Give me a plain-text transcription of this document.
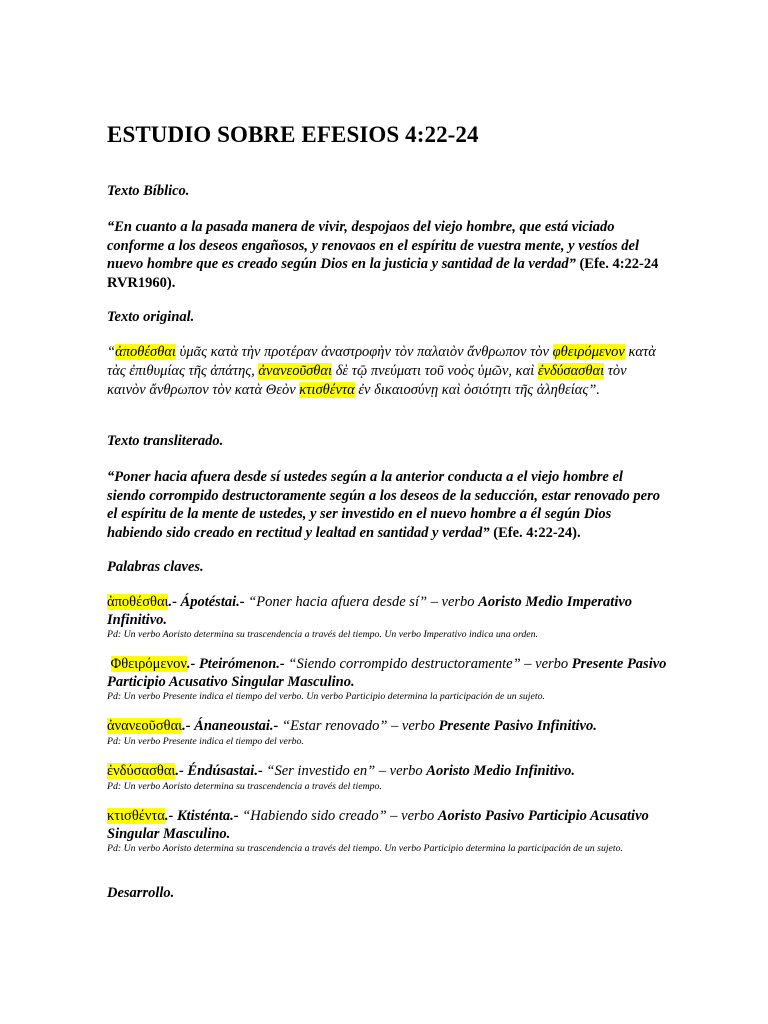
ESTUDIO SOBRE EFESIOS 4:22-24
Texto Bíblico.
“En cuanto a la pasada manera de vivir, despojaos del viejo hombre, que está viciado conforme a los deseos engañosos, y renovaos en el espíritu de vuestra mente, y vestíos del nuevo hombre que es creado según Dios en la justicia y santidad de la verdad” (Efe. 4:22-24 RVR1960).
Texto original.
“ἀποθέσθαι ὑμᾶς κατὰ τὴν προτέραν ἀναστροφὴν τὸν παλαιὸν ἄνθρωπον τὸν φθειρόμενον κατὰ τὰς ἐπιθυμίας τῆς ἀπάτης, ἀνανεοῦσθαι δὲ τῷ πνεύματι τοῦ νοὸς ὑμῶν, καὶ ἐνδύσασθαι τὸν καινὸν ἄνθρωπον τὸν κατὰ Θεὸν κτισθέντα ἐν δικαιοσύνῃ καὶ ὁσιότητι τῆς ἀληθείας”.
Texto transliterado.
“Poner hacia afuera desde sí ustedes según a la anterior conducta a el viejo hombre el siendo corrompido destructoramente según a los deseos de la seducción, estar renovado pero el espíritu de la mente de ustedes, y ser investido en el nuevo hombre a él según Dios habiendo sido creado en rectitud y lealtad en santidad y verdad” (Efe. 4:22-24).
Palabras claves.
ἀποθέσθαι.- Ápotéstai.- “Poner hacia afuera desde sí” – verbo Aoristo Medio Imperativo Infinitivo.
Pd: Un verbo Aoristo determina su trascendencia a través del tiempo. Un verbo Imperativo indica una orden.
Φθειρόμενον.- Pteirómenon.- “Siendo corrompido destructoramente” – verbo Presente Pasivo Participio Acusativo Singular Masculino.
Pd: Un verbo Presente indica el tiempo del verbo. Un verbo Participio determina la participación de un sujeto.
ἀνανεοῦσθαι.- Ánaneoustai.- “Estar renovado” – verbo Presente Pasivo Infinitivo.
Pd: Un verbo Presente indica el tiempo del verbo.
ἐνδύσασθαι.- Éndúsastai.- “Ser investido en” – verbo Aoristo Medio Infinitivo.
Pd: Un verbo Aoristo determina su trascendencia a través del tiempo.
κτισθέντα.- Ktisténta.- “Habiendo sido creado” – verbo Aoristo Pasivo Participio Acusativo Singular Masculino.
Pd: Un verbo Aoristo determina su trascendencia a través del tiempo. Un verbo Participio determina la participación de un sujeto.
Desarrollo.
